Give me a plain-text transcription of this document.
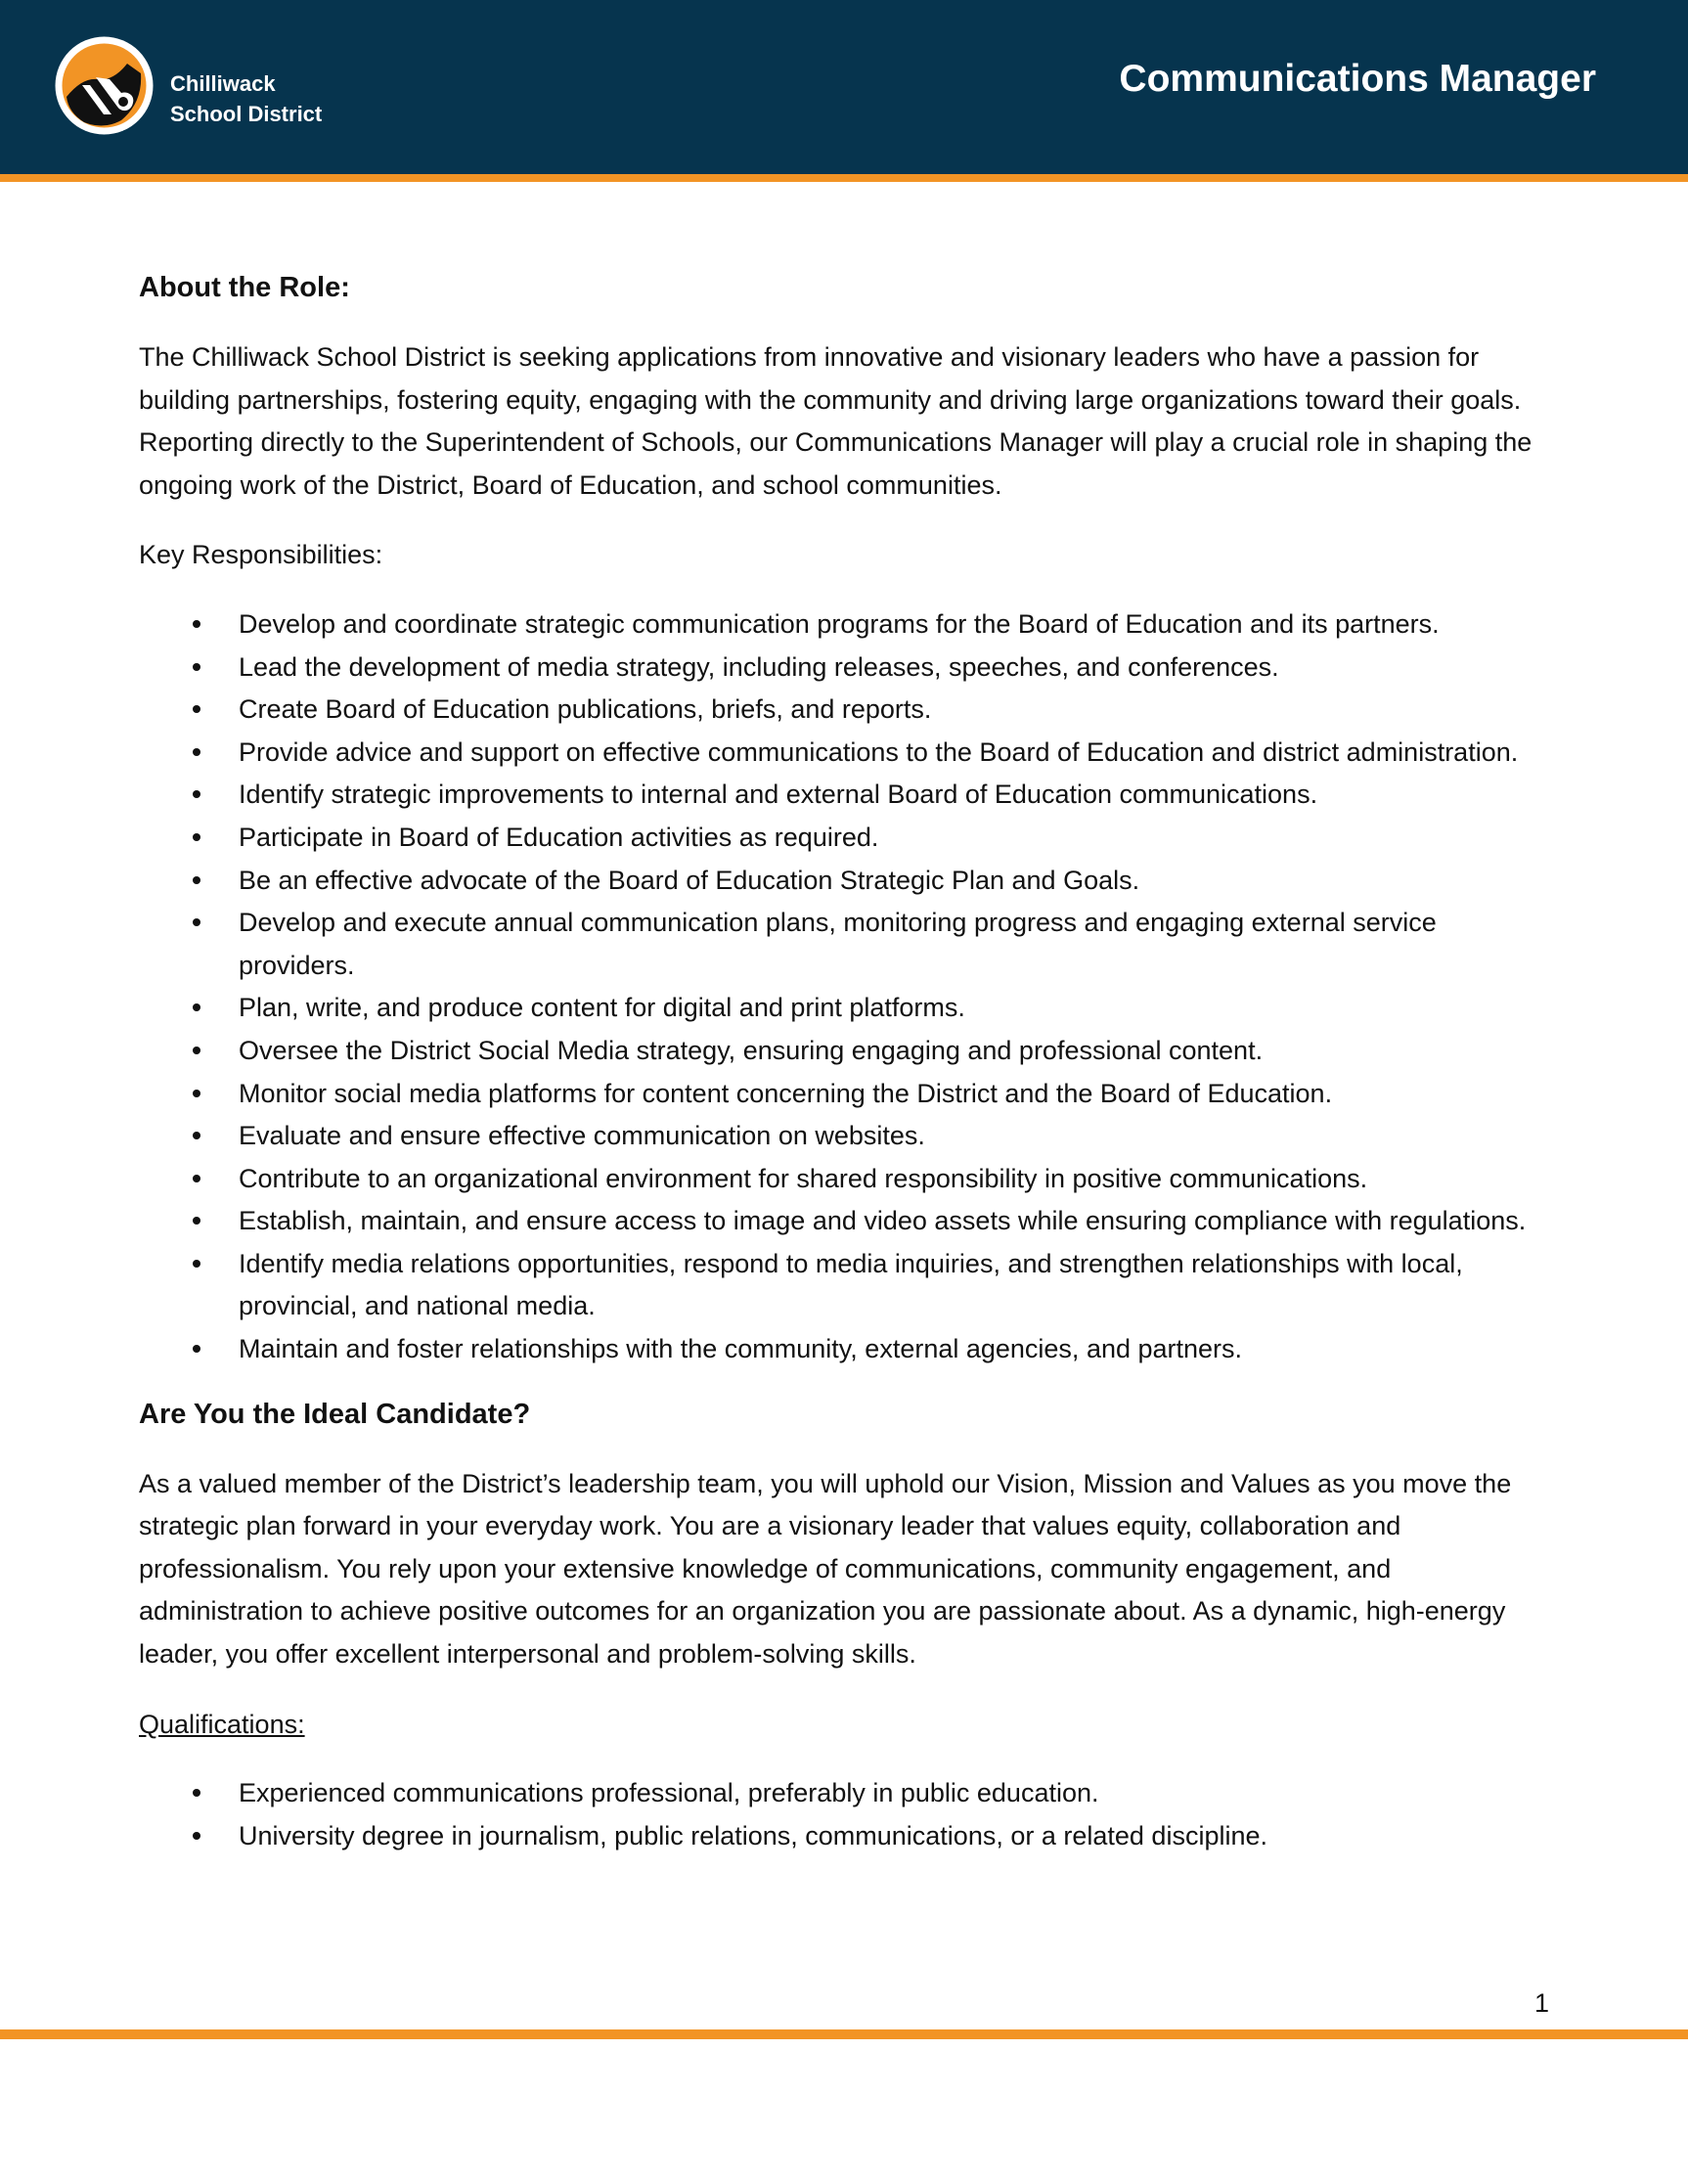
Chilliwack
School District
Communications Manager
About the Role:

The Chilliwack School District is seeking applications from innovative and visionary leaders who have a passion for building partnerships, fostering equity, engaging with the community and driving large organizations toward their goals. Reporting directly to the Superintendent of Schools, our Communications Manager will play a crucial role in shaping the ongoing work of the District, Board of Education, and school communities.

Key Responsibilities:

Develop and coordinate strategic communication programs for the Board of Education and its partners.
Lead the development of media strategy, including releases, speeches, and conferences.
Create Board of Education publications, briefs, and reports.
Provide advice and support on effective communications to the Board of Education and district administration.
Identify strategic improvements to internal and external Board of Education communications.
Participate in Board of Education activities as required.
Be an effective advocate of the Board of Education Strategic Plan and Goals.
Develop and execute annual communication plans, monitoring progress and engaging external service providers.
Plan, write, and produce content for digital and print platforms.
Oversee the District Social Media strategy, ensuring engaging and professional content.
Monitor social media platforms for content concerning the District and the Board of Education.
Evaluate and ensure effective communication on websites.
Contribute to an organizational environment for shared responsibility in positive communications.
Establish, maintain, and ensure access to image and video assets while ensuring compliance with regulations.
Identify media relations opportunities, respond to media inquiries, and strengthen relationships with local, provincial, and national media.
Maintain and foster relationships with the community, external agencies, and partners.
Are You the Ideal Candidate?

As a valued member of the District’s leadership team, you will uphold our Vision, Mission and Values as you move the strategic plan forward in your everyday work. You are a visionary leader that values equity, collaboration and professionalism. You rely upon your extensive knowledge of communications, community engagement, and administration to achieve positive outcomes for an organization you are passionate about. As a dynamic, high-energy leader, you offer excellent interpersonal and problem-solving skills.

Qualifications:

Experienced communications professional, preferably in public education.
University degree in journalism, public relations, communications, or a related discipline.
1
